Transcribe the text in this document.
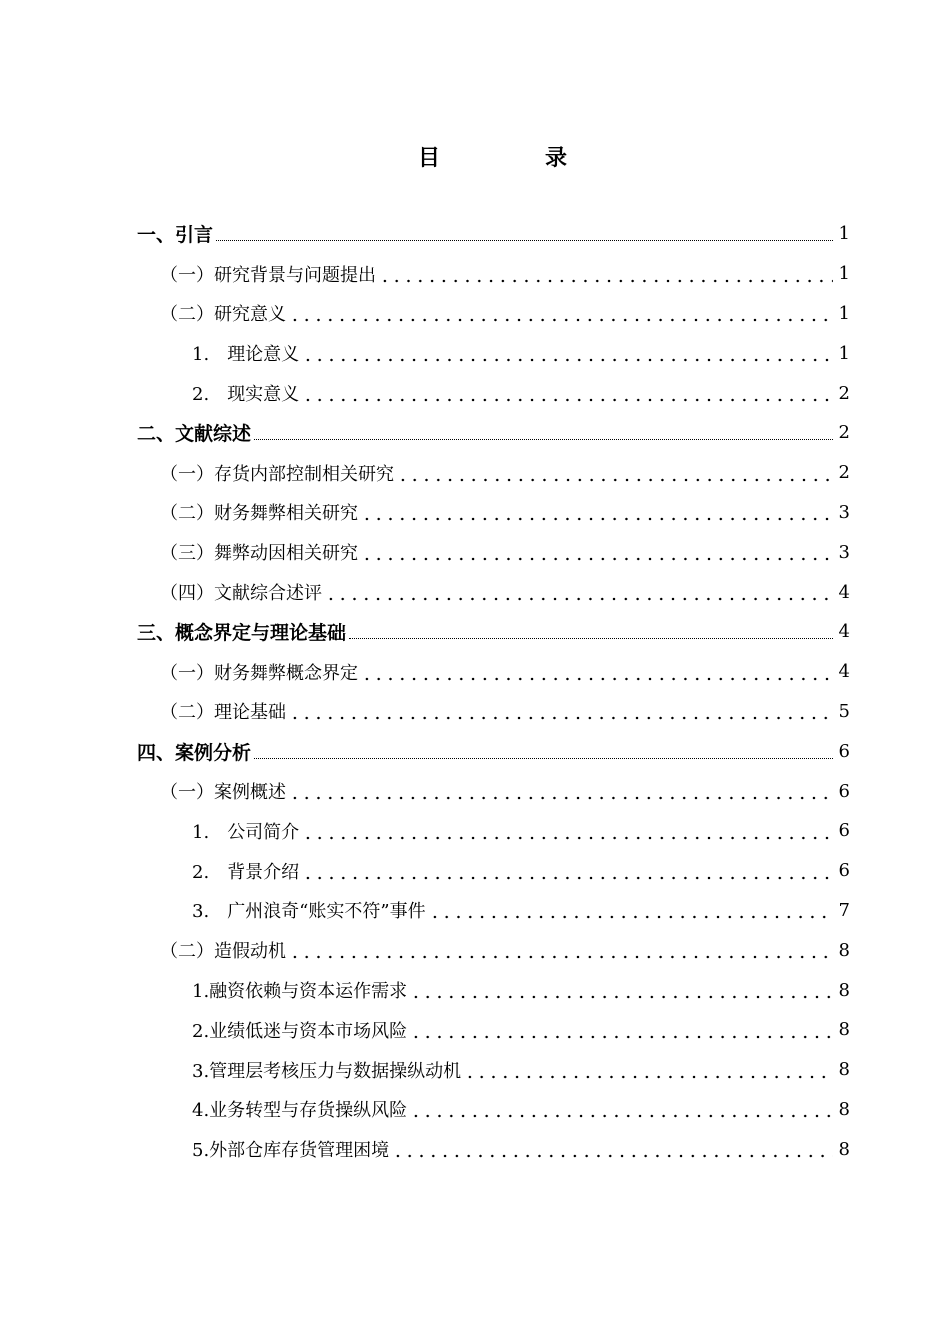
目	录
一、引言	1
（一）研究背景与问题提出	1
（二）研究意义	1
1. 理论意义	1
2. 现实意义	2
二、文献综述	2
（一）存货内部控制相关研究	2
（二）财务舞弊相关研究	3
（三）舞弊动因相关研究	3
（四）文献综合述评	4
三、概念界定与理论基础	4
（一）财务舞弊概念界定	4
（二）理论基础	5
四、案例分析	6
（一）案例概述	6
1. 公司简介	6
2. 背景介绍	6
3. 广州浪奇“账实不符”事件	7
（二）造假动机	8
1.融资依赖与资本运作需求	8
2.业绩低迷与资本市场风险	8
3.管理层考核压力与数据操纵动机	8
4.业务转型与存货操纵风险	8
5.外部仓库存货管理困境	8
